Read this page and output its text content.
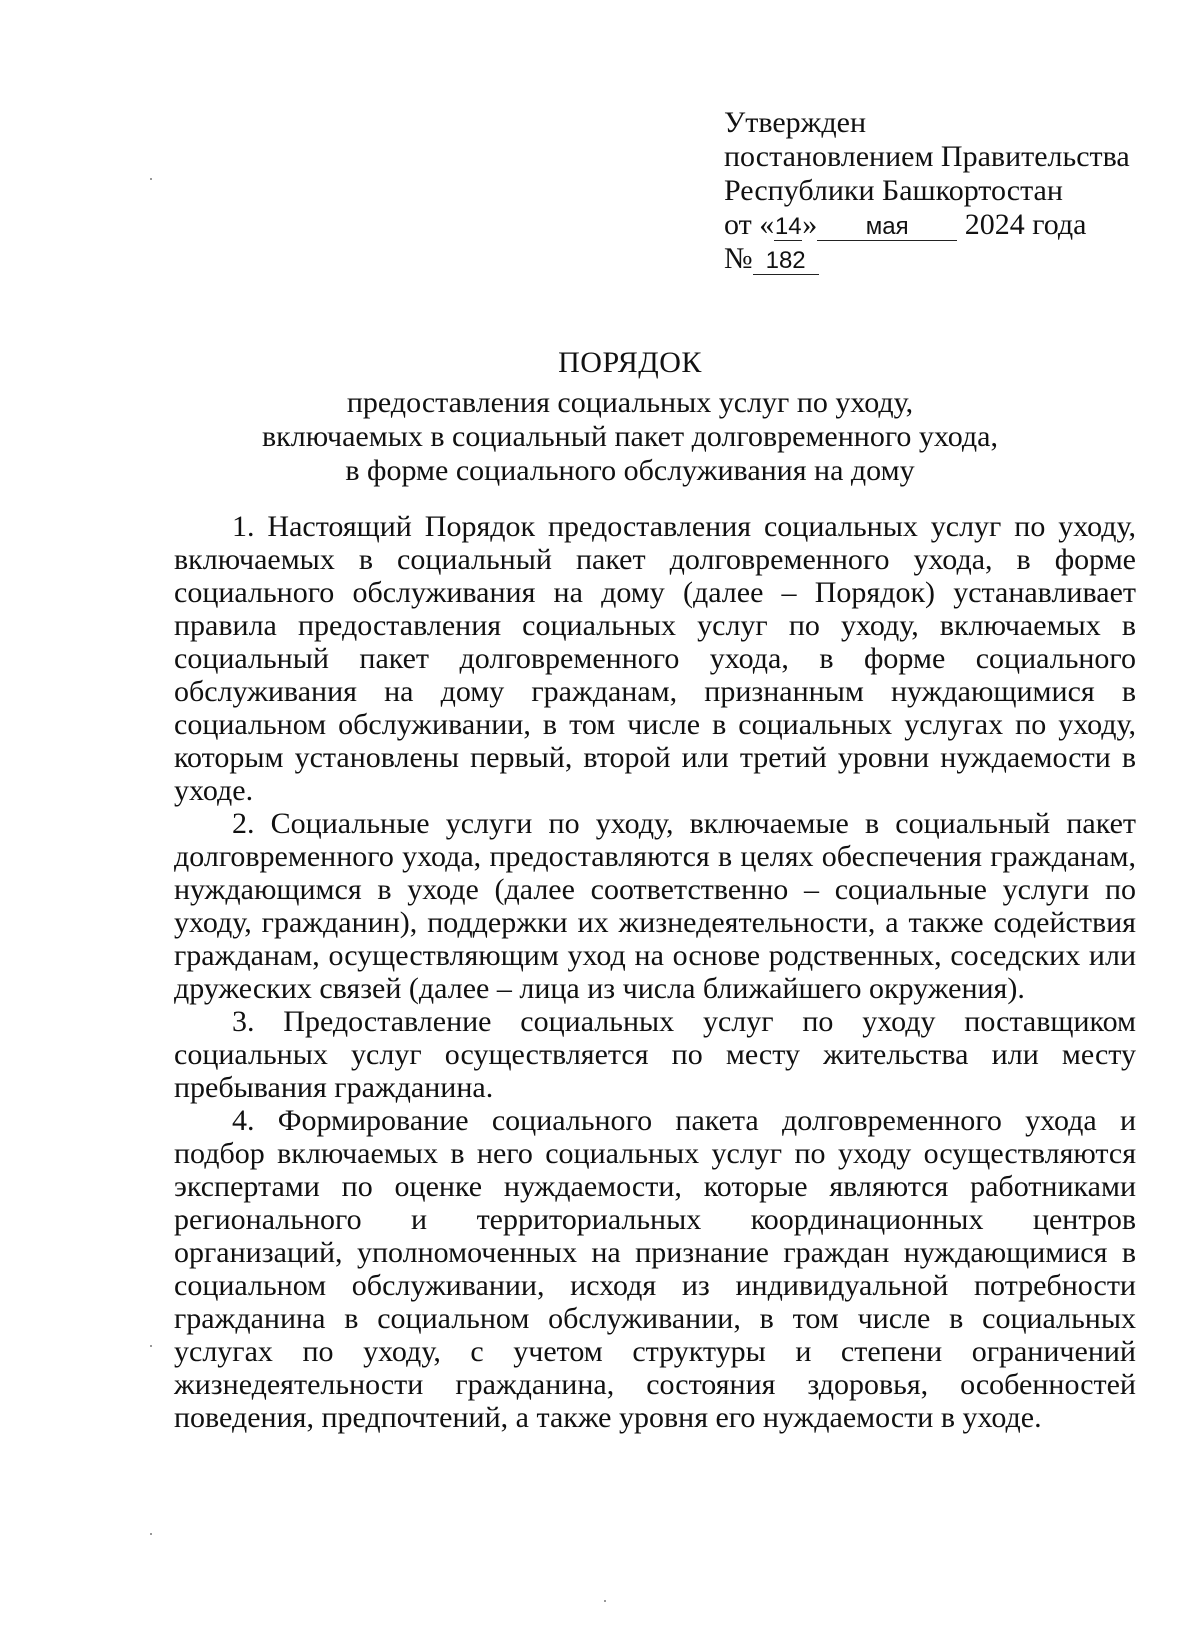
Утвержден
постановлением Правительства
Республики Башкортостан
от «14» мая 2024 года
№ 182
ПОРЯДОК
предоставления социальных услуг по уходу,
включаемых в социальный пакет долговременного ухода,
в форме социального обслуживания на дому

1. Настоящий Порядок предоставления социальных услуг по уходу, включаемых в социальный пакет долговременного ухода, в форме социального обслуживания на дому (далее – Порядок) устанавливает правила предоставления социальных услуг по уходу, включаемых в социальный пакет долговременного ухода, в форме социального обслуживания на дому гражданам, признанным нуждающимися в социальном обслуживании, в том числе в социальных услугах по уходу, которым установлены первый, второй или третий уровни нуждаемости в уходе.

2. Социальные услуги по уходу, включаемые в социальный пакет долговременного ухода, предоставляются в целях обеспечения гражданам, нуждающимся в уходе (далее соответственно – социальные услуги по уходу, гражданин), поддержки их жизнедеятельности, а также содействия гражданам, осуществляющим уход на основе родственных, соседских или дружеских связей (далее – лица из числа ближайшего окружения).

3. Предоставление социальных услуг по уходу поставщиком социальных услуг осуществляется по месту жительства или месту пребывания гражданина.

4. Формирование социального пакета долговременного ухода и подбор включаемых в него социальных услуг по уходу осуществляются экспертами по оценке нуждаемости, которые являются работниками регионального и территориальных координационных центров организаций, уполномоченных на признание граждан нуждающимися в социальном обслуживании, исходя из индивидуальной потребности гражданина в социальном обслуживании, в том числе в социальных услугах по уходу, с учетом структуры и степени ограничений жизнедеятельности гражданина, состояния здоровья, особенностей поведения, предпочтений, а также уровня его нуждаемости в уходе.
